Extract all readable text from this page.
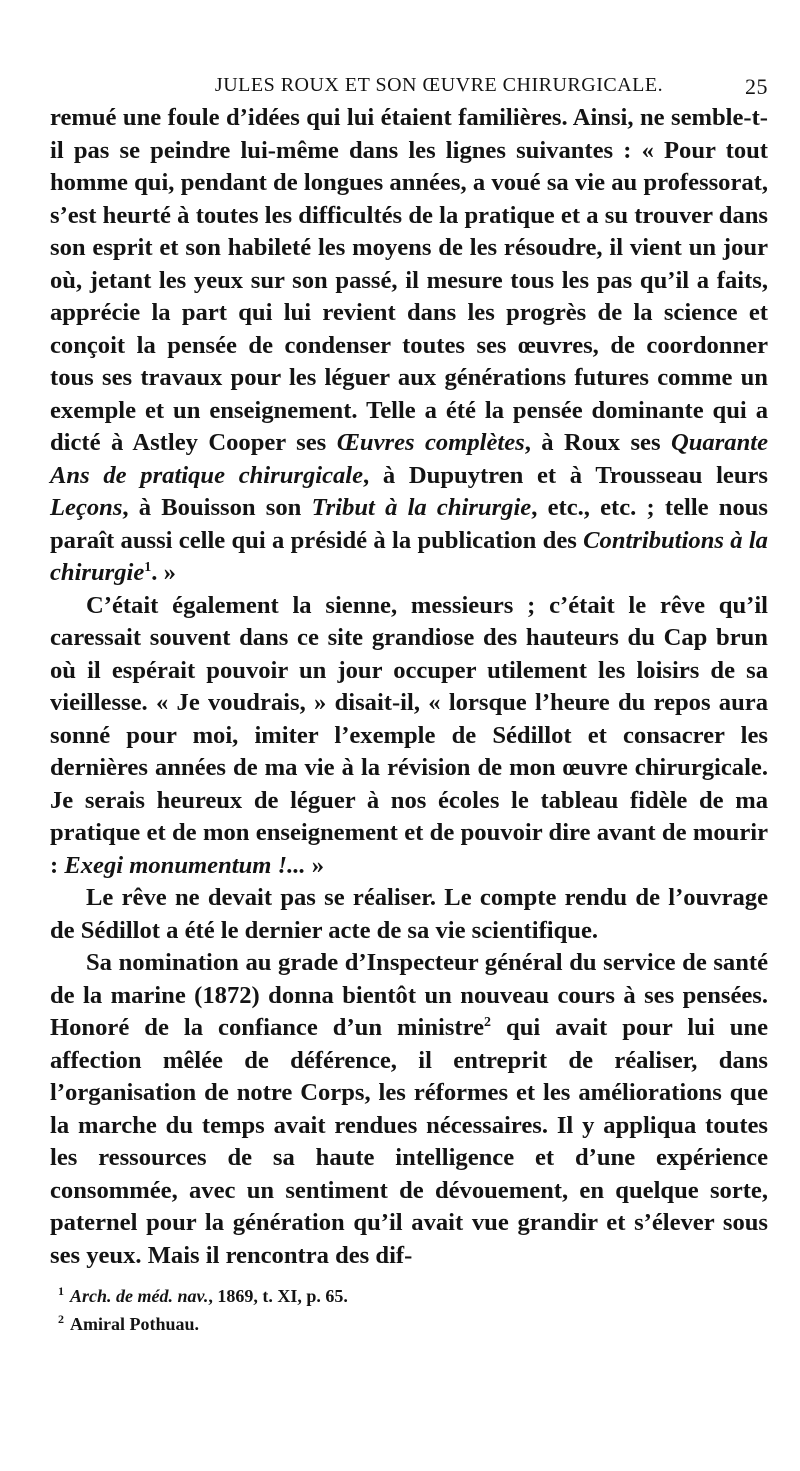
JULES ROUX ET SON ŒUVRE CHIRURGICALE.	25

remué une foule d’idées qui lui étaient familières. Ainsi, ne semble-t-il pas se peindre lui-même dans les lignes suivantes : « Pour tout homme qui, pendant de longues années, a voué sa vie au professorat, s’est heurté à toutes les difficultés de la pratique et a su trouver dans son esprit et son habileté les moyens de les résoudre, il vient un jour où, jetant les yeux sur son passé, il mesure tous les pas qu’il a faits, apprécie la part qui lui revient dans les progrès de la science et conçoit la pensée de condenser toutes ses œuvres, de coordonner tous ses travaux pour les léguer aux générations futures comme un exemple et un enseignement. Telle a été la pensée dominante qui a dicté à Astley Cooper ses Œuvres complètes, à Roux ses Quarante Ans de pratique chirurgicale, à Dupuytren et à Trousseau leurs Leçons, à Bouisson son Tribut à la chirurgie, etc., etc. ; telle nous paraît aussi celle qui a présidé à la publication des Contributions à la chirurgie$^1$. »

C’était également la sienne, messieurs ; c’était le rêve qu’il caressait souvent dans ce site grandiose des hauteurs du Cap brun où il espérait pouvoir un jour occuper utilement les loisirs de sa vieillesse. « Je voudrais, » disait-il, « lorsque l’heure du repos aura sonné pour moi, imiter l’exemple de Sédillot et consacrer les dernières années de ma vie à la révision de mon œuvre chirurgicale. Je serais heureux de léguer à nos écoles le tableau fidèle de ma pratique et de mon enseignement et de pouvoir dire avant de mourir : Exegi monumentum !... »

Le rêve ne devait pas se réaliser. Le compte rendu de l’ouvrage de Sédillot a été le dernier acte de sa vie scientifique.

Sa nomination au grade d’Inspecteur général du service de santé de la marine (1872) donna bientôt un nouveau cours à ses pensées. Honoré de la confiance d’un ministre$^2$ qui avait pour lui une affection mêlée de déférence, il entreprit de réaliser, dans l’organisation de notre Corps, les réformes et les améliorations que la marche du temps avait rendues nécessaires. Il y appliqua toutes les ressources de sa haute intelligence et d’une expérience consommée, avec un sentiment de dévouement, en quelque sorte, paternel pour la génération qu’il avait vue grandir et s’élever sous ses yeux. Mais il rencontra des dif-

$^1$ Arch. de méd. nav., 1869, t. XI, p. 65.
$^2$ Amiral Pothuau.
